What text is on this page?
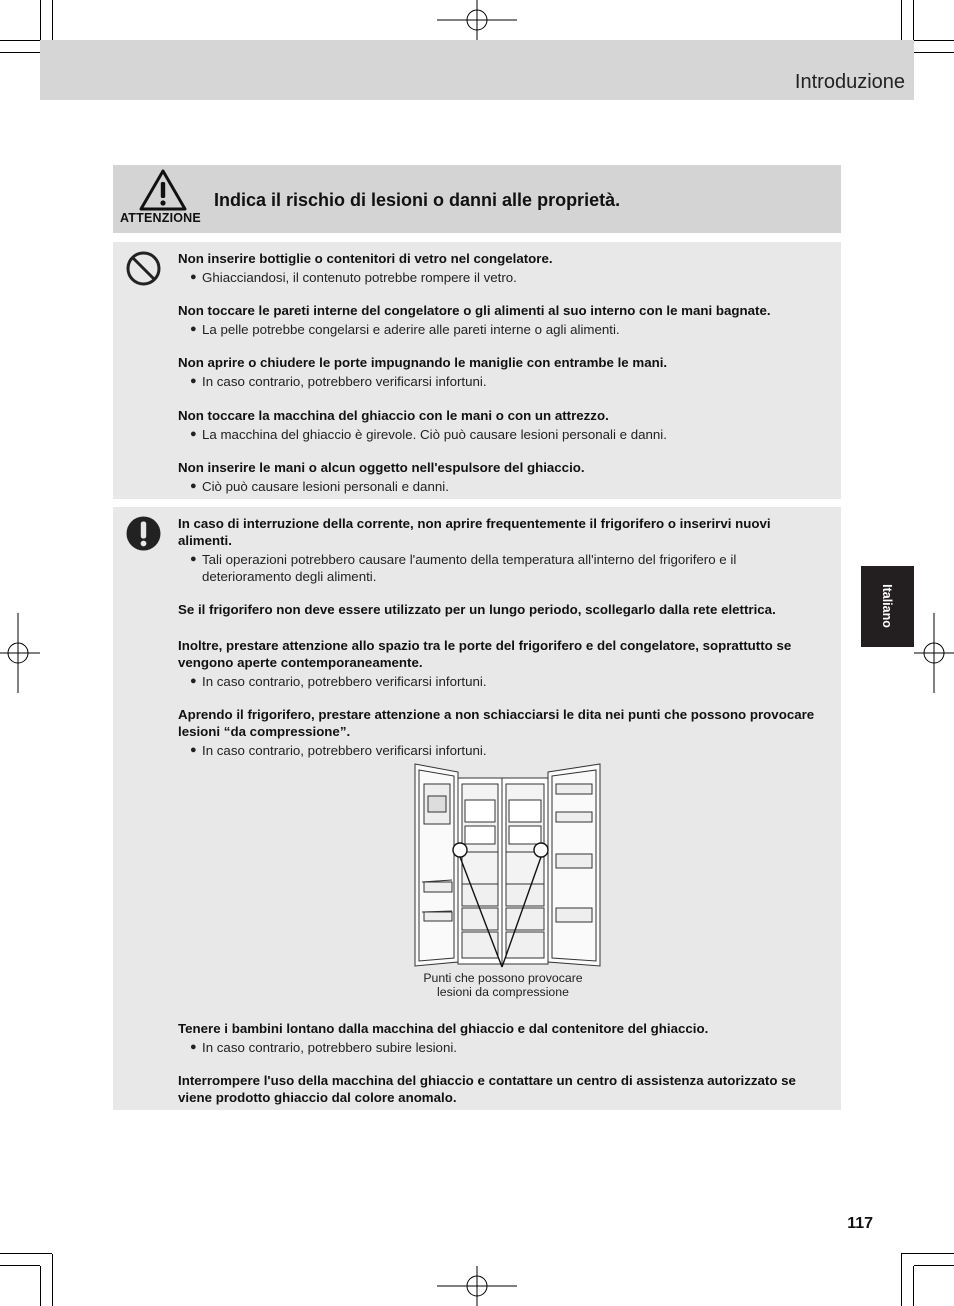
Introduzione
ATTENZIONE
Indica il rischio di lesioni o danni alle proprietà.
Non inserire bottiglie o contenitori di vetro nel congelatore.
● Ghiacciandosi, il contenuto potrebbe rompere il vetro.
Non toccare le pareti interne del congelatore o gli alimenti al suo interno con le mani bagnate.
● La pelle potrebbe congelarsi e aderire alle pareti interne o agli alimenti.
Non aprire o chiudere le porte impugnando le maniglie con entrambe le mani.
● In caso contrario, potrebbero verificarsi infortuni.
Non toccare la macchina del ghiaccio con le mani o con un attrezzo.
● La macchina del ghiaccio è girevole. Ciò può causare lesioni personali e danni.
Non inserire le mani o alcun oggetto nell'espulsore del ghiaccio.
● Ciò può causare lesioni personali e danni.
In caso di interruzione della corrente, non aprire frequentemente il frigorifero o inserirvi nuovi alimenti.
● Tali operazioni potrebbero causare l'aumento della temperatura all'interno del frigorifero e il deterioramento degli alimenti.
Se il frigorifero non deve essere utilizzato per un lungo periodo, scollegarlo dalla rete elettrica.
Inoltre, prestare attenzione allo spazio tra le porte del frigorifero e del congelatore, soprattutto se vengono aperte contemporaneamente.
● In caso contrario, potrebbero verificarsi infortuni.
Aprendo il frigorifero, prestare attenzione a non schiacciarsi le dita nei punti che possono provocare lesioni “da compressione”.
● In caso contrario, potrebbero verificarsi infortuni.
Punti che possono provocare
lesioni da compressione
Tenere i bambini lontano dalla macchina del ghiaccio e dal contenitore del ghiaccio.
● In caso contrario, potrebbero subire lesioni.
Interrompere l'uso della macchina del ghiaccio e contattare un centro di assistenza autorizzato se viene prodotto ghiaccio dal colore anomalo.
Italiano
117
